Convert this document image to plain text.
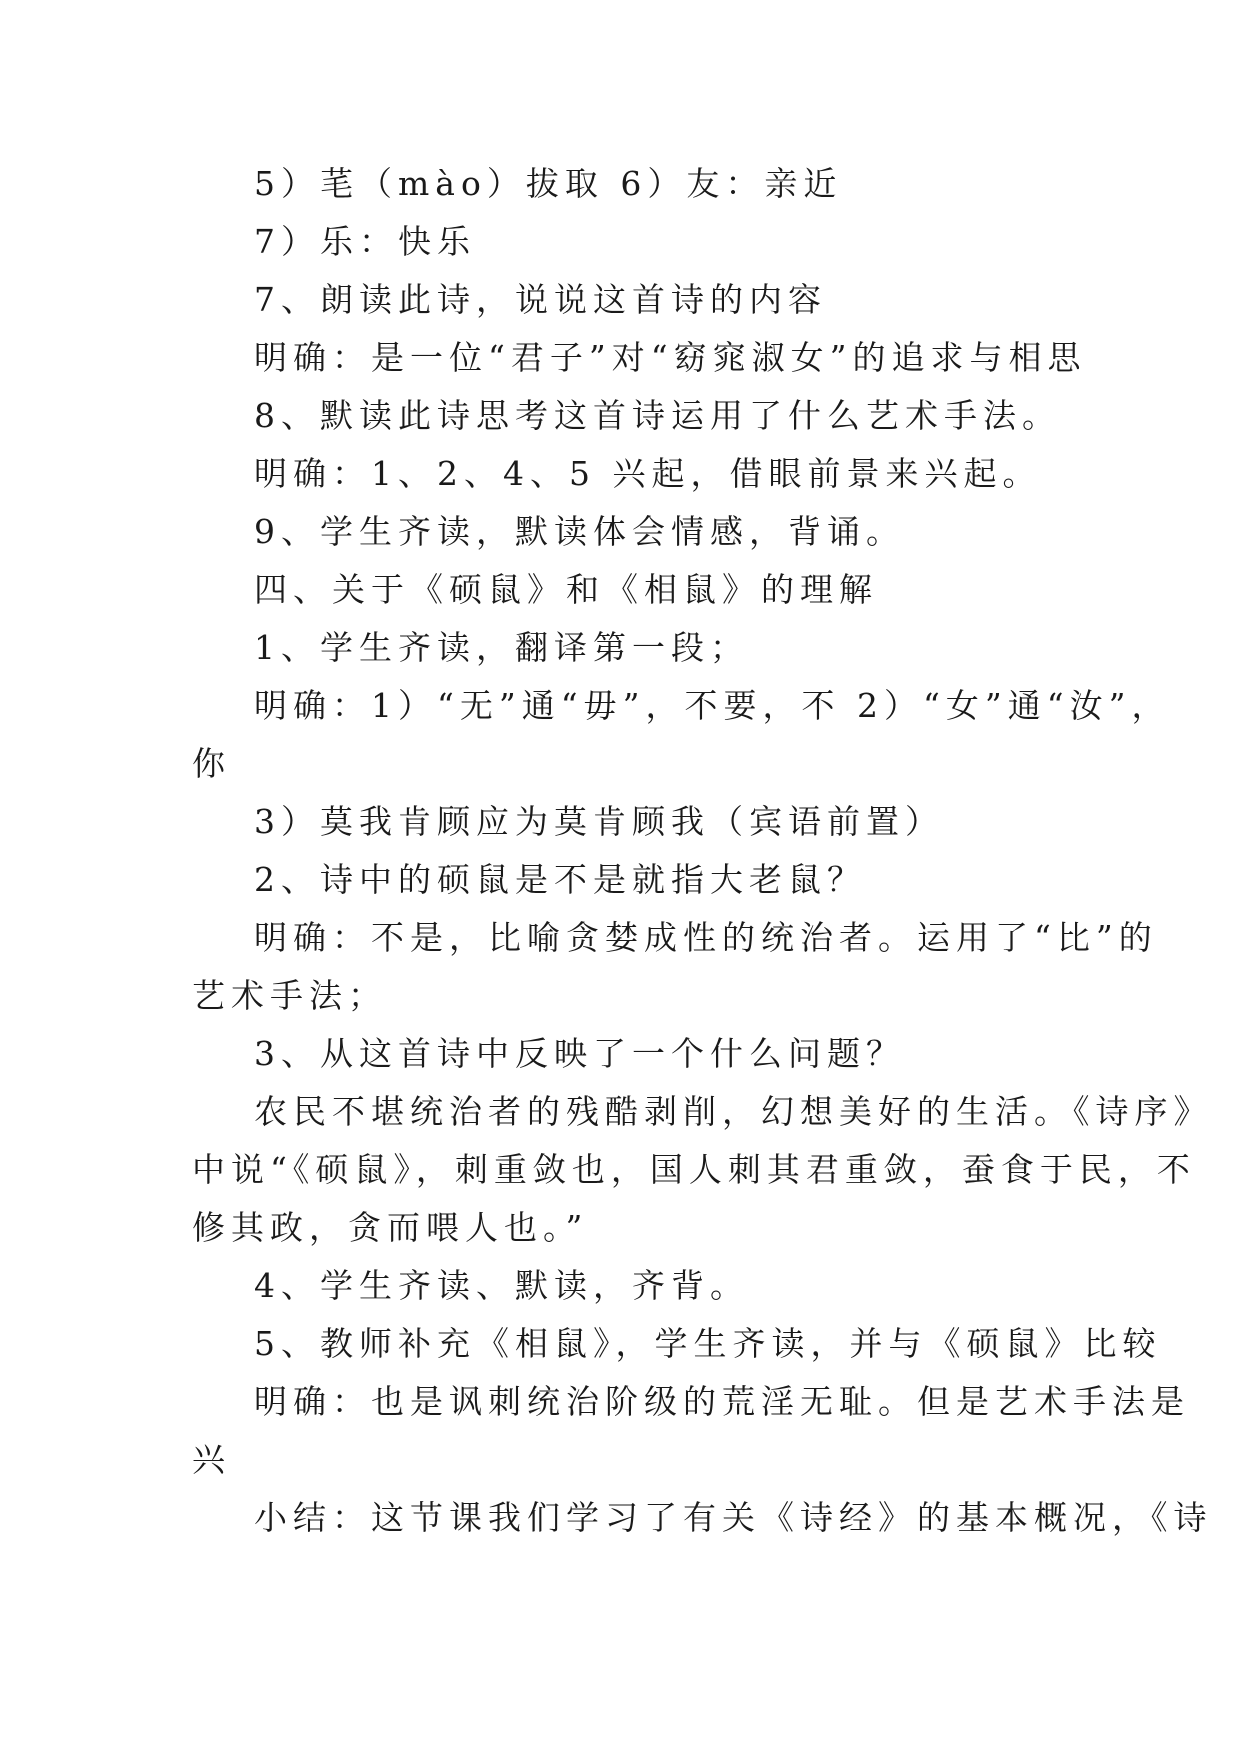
5）芼（mào）拔取 6）友：亲近
7）乐：快乐
7、朗读此诗，说说这首诗的内容
明确：是一位“君子”对“窈窕淑女”的追求与相思
8、默读此诗思考这首诗运用了什么艺术手法。
明确：1、2、4、5 兴起，借眼前景来兴起。
9、学生齐读，默读体会情感，背诵。
四、关于《硕鼠》和《相鼠》的理解
1、学生齐读，翻译第一段；
明确：1）“无”通“毋”，不要，不 2）“女”通“汝”，
你
3）莫我肯顾应为莫肯顾我（宾语前置）
2、诗中的硕鼠是不是就指大老鼠？
明确：不是，比喻贪婪成性的统治者。运用了“比”的
艺术手法；
3、从这首诗中反映了一个什么问题？
农民不堪统治者的残酷剥削，幻想美好的生活。《诗序》
中说“《硕鼠》，刺重敛也，国人刺其君重敛，蚕食于民，不
修其政，贪而喂人也。”
4、学生齐读、默读，齐背。
5、教师补充《相鼠》，学生齐读，并与《硕鼠》比较
明确：也是讽刺统治阶级的荒淫无耻。但是艺术手法是
兴
小结：这节课我们学习了有关《诗经》的基本概况，《诗
